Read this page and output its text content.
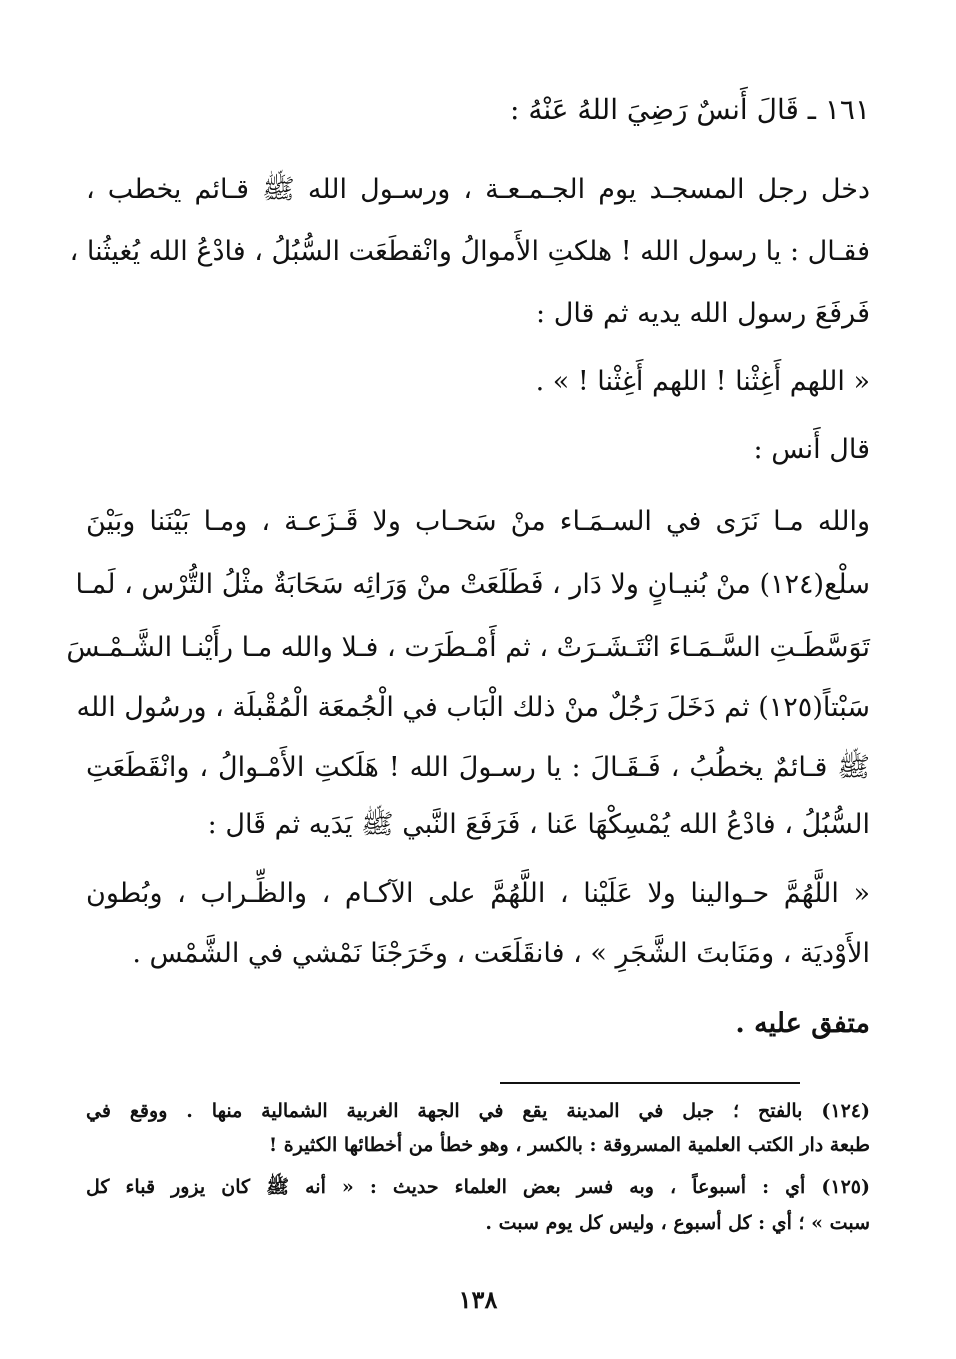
١٦١ ـ قَالَ أَنسٌ رَضِيَ اللهُ عَنْهُ :
دخل رجل المسجـد يوم الجـمـعـة ، ورسـول الله ﷺ قـائم يخطب ،
فقـال : يا رسول الله ! هلكتِ الأَموالُ وانْقطَعَت السُّبُلُ ، فادْعُ الله يُغيثُنا ،
فَرفَعَ رسول الله يديه ثم قال :
« اللهم أَغِثْنا ! اللهم أَغِثْنا ! » .
قال أَنس :
والله مـا نَرَى في السـمَـاء منْ سَحـاب ولا قَـزَعـة ، ومـا بَيْنَنا وبَيْنَ
سلْع(١٢٤) منْ بُنيـانٍ ولا دَار ، فَطَلَعَتْ منْ وَرَائِه سَحَابَةٌ مثْلُ التُّرْس ، لَمـا
تَوَسَّطَـتِ السَّـمَـاءَ انْتَـشَـرَتْ ، ثم أَمْـطَرَت ، فـلا والله مـا رأَيْنـا الشَّـمْـسَ
سَبْتاً(١٢٥) ثم دَخَلَ رَجُلٌ منْ ذلك الْبَاب في الْجُمعَة الْمُقْبلَة ، ورسُول الله
ﷺ قـائمٌ يخطُبُ ، فَـقَـالَ : يا رسـولَ الله ! هَلَكتِ الأَمْـوالُ ، وانْقَطَعَتِ
السُّبُلُ ، فادْعُ الله يُمْسِكْهَا عَنا ، فَرَفَعَ النَّبي ﷺ يَدَيه ثم قَال :
« اللَّهُمَّ حـوالينا ولا عَلَيْنا ، اللَّهُمَّ على الآكـام ، والظِّـراب ، وبُطون
الأَوْديَة ، ومَنَابتَ الشَّجَرِ » ، فانقَلَعَت ، وخَرَجْنَا نَمْشي في الشَّمْس .
متفق عليه .
(١٢٤) بالفتح ؛ جبل في المدينة يقع في الجهة الغربية الشمالية منها . ووقع في
طبعة دار الكتب العلمية المسروقة : بالكسر ، وهو خطأ من أخطائها الكثيرة !
(١٢٥) أي : أسبوعاً ، وبه فسر بعض العلماء حديث : « أنه ﷺ كان يزور قباء كل
سبت » ؛ أي : كل أسبوع ، وليس كل يوم سبت .
١٣٨
